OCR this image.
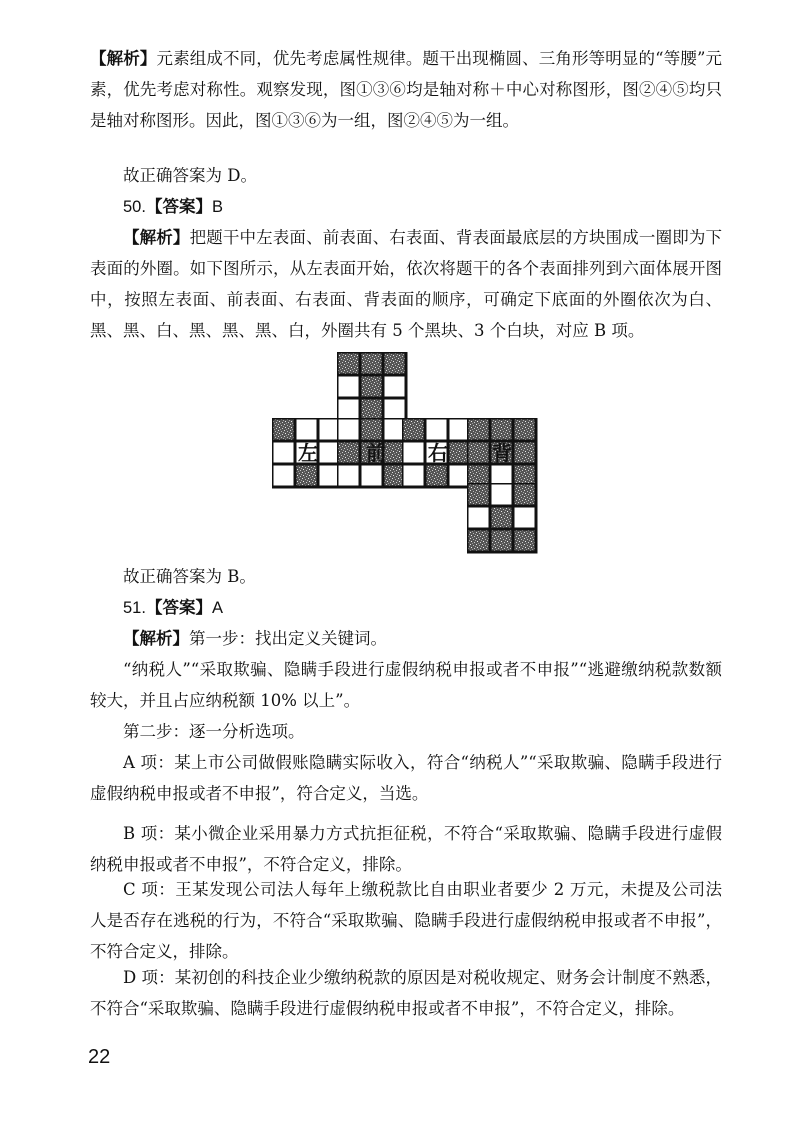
【解析】元素组成不同，优先考虑属性规律。题干出现椭圆、三角形等明显的“等腰”元素，优先考虑对称性。观察发现，图①③⑥均是轴对称＋中心对称图形，图②④⑤均只是轴对称图形。因此，图①③⑥为一组，图②④⑤为一组。
故正确答案为 D。
50.【答案】B
【解析】把题干中左表面、前表面、右表面、背表面最底层的方块围成一圈即为下表面的外圈。如下图所示，从左表面开始，依次将题干的各个表面排列到六面体展开图中，按照左表面、前表面、右表面、背表面的顺序，可确定下底面的外圈依次为白、黑、黑、白、黑、黑、黑、白，外圈共有 5 个黑块、3 个白块，对应 B 项。
左 前 右 背
故正确答案为 B。
51.【答案】A
【解析】第一步：找出定义关键词。
“纳税人”“采取欺骗、隐瞒手段进行虚假纳税申报或者不申报”“逃避缴纳税款数额较大，并且占应纳税额 10% 以上”。
第二步：逐一分析选项。
A 项：某上市公司做假账隐瞒实际收入，符合“纳税人”“采取欺骗、隐瞒手段进行虚假纳税申报或者不申报”，符合定义，当选。
B 项：某小微企业采用暴力方式抗拒征税，不符合“采取欺骗、隐瞒手段进行虚假纳税申报或者不申报”，不符合定义，排除。
C 项：王某发现公司法人每年上缴税款比自由职业者要少 2 万元，未提及公司法人是否存在逃税的行为，不符合“采取欺骗、隐瞒手段进行虚假纳税申报或者不申报”，不符合定义，排除。
D 项：某初创的科技企业少缴纳税款的原因是对税收规定、财务会计制度不熟悉，不符合“采取欺骗、隐瞒手段进行虚假纳税申报或者不申报”，不符合定义，排除。
22
